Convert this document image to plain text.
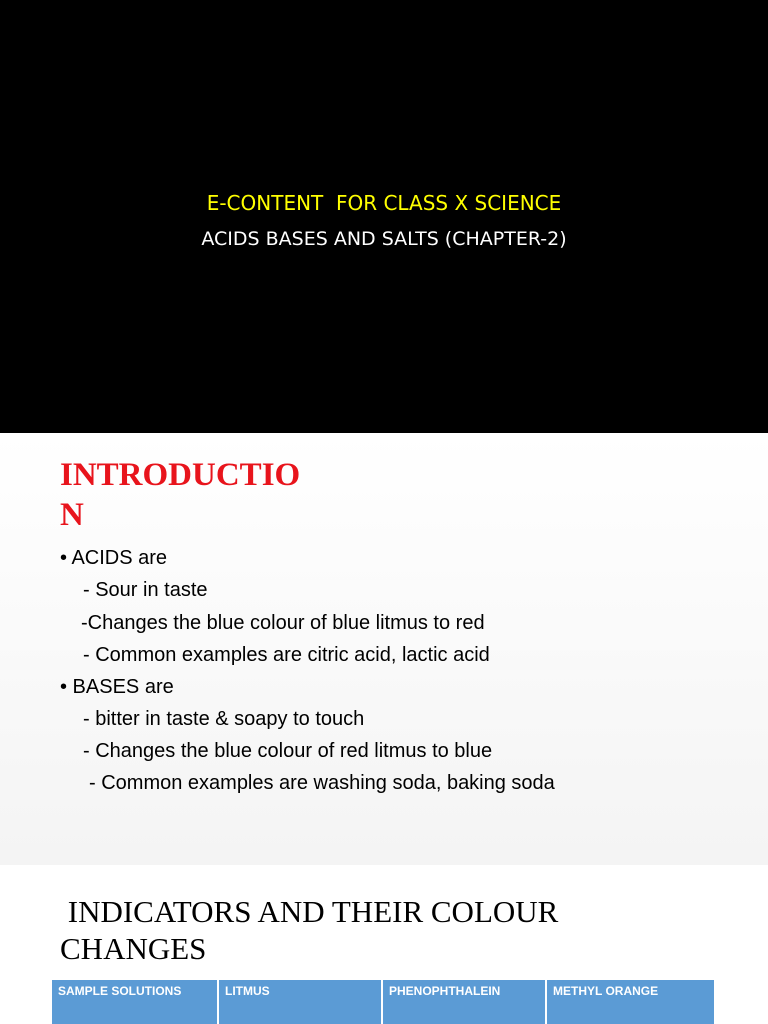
E-CONTENT  FOR CLASS X SCIENCE
ACIDS BASES AND SALTS (CHAPTER-2)
INTRODUCTION
• ACIDS are
- Sour in taste
-Changes the blue colour of blue litmus to red
- Common examples are citric acid, lactic acid
• BASES are
- bitter in taste & soapy to touch
- Changes the blue colour of red litmus to blue
- Common examples are washing soda, baking soda
INDICATORS AND THEIR COLOUR CHANGES
SAMPLE SOLUTIONS	LITMUS	PHENOPHTHALEIN	METHYL ORANGE
